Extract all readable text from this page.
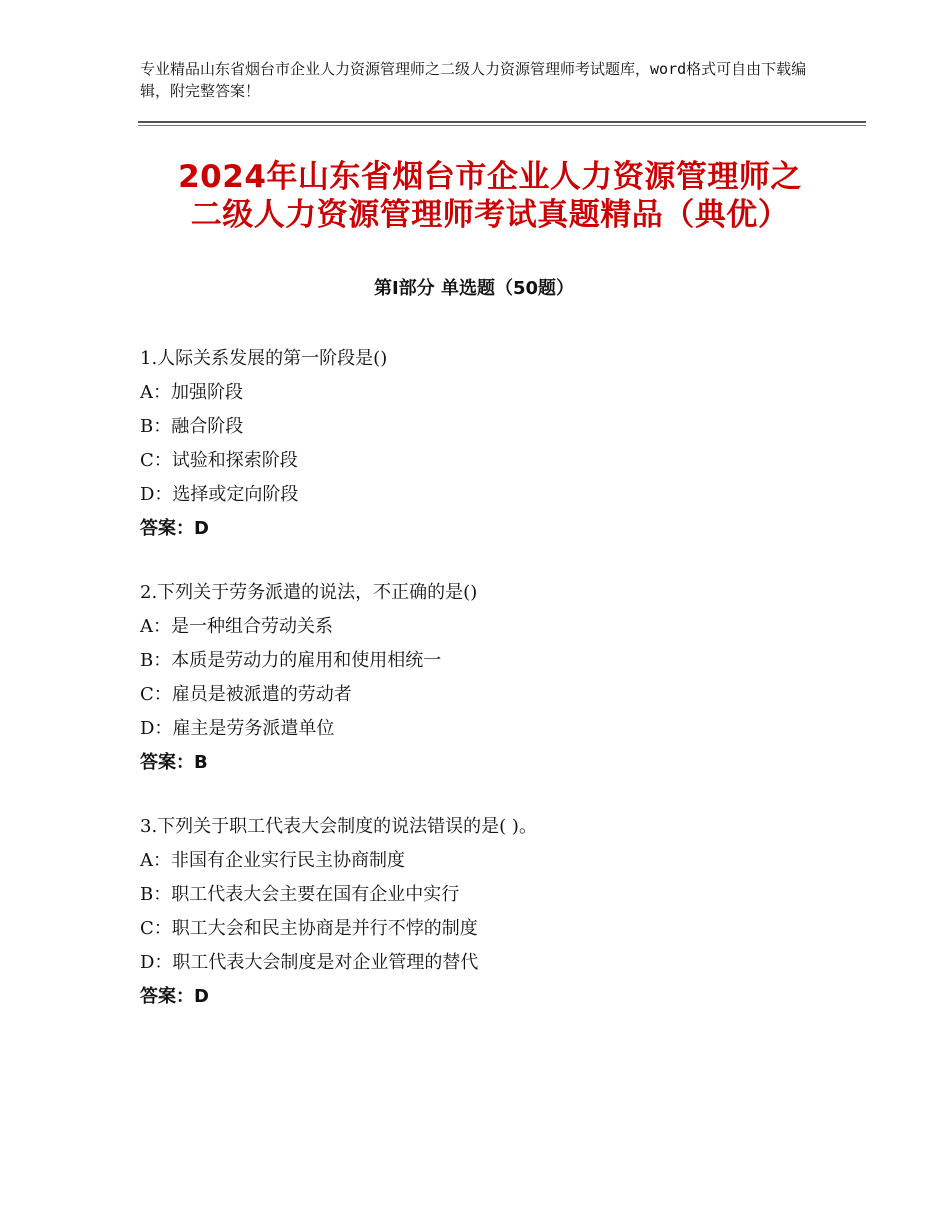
专业精品山东省烟台市企业人力资源管理师之二级人力资源管理师考试题库，word格式可自由下载编辑，附完整答案！
2024年山东省烟台市企业人力资源管理师之
二级人力资源管理师考试真题精品（典优）
第Ⅰ部分 单选题（50题）
1.人际关系发展的第一阶段是()
A：加强阶段
B：融合阶段
C：试验和探索阶段
D：选择或定向阶段
答案：D
2.下列关于劳务派遣的说法，不正确的是()
A：是一种组合劳动关系
B：本质是劳动力的雇用和使用相统一
C：雇员是被派遣的劳动者
D：雇主是劳务派遣单位
答案：B
3.下列关于职工代表大会制度的说法错误的是( )。
A：非国有企业实行民主协商制度
B：职工代表大会主要在国有企业中实行
C：职工大会和民主协商是并行不悖的制度
D：职工代表大会制度是对企业管理的替代
答案：D
